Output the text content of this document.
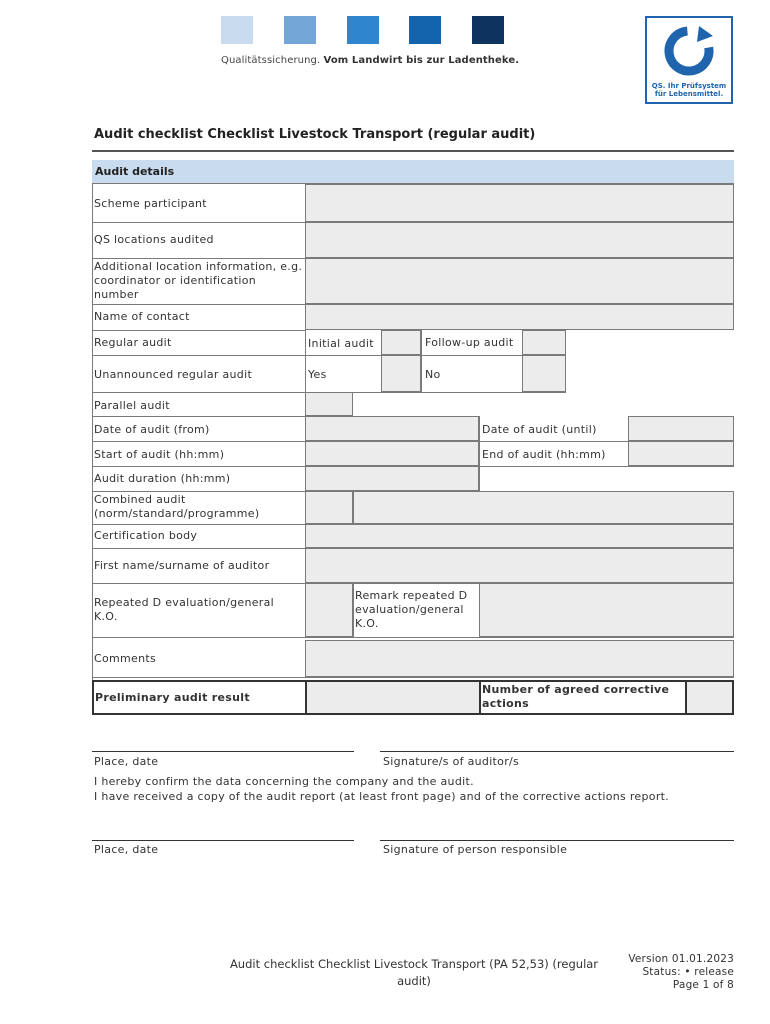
Qualitätssicherung. Vom Landwirt bis zur Ladentheke.
QS. Ihr Prüfsystem
für Lebensmittel.
Audit checklist Checklist Livestock Transport (regular audit)
Audit details
Scheme participant
QS locations audited
Additional location information, e.g. coordinator or identification number
Name of contact
Regular audit	Initial audit	Follow-up audit
Unannounced regular audit	Yes	No
Parallel audit
Date of audit (from)	Date of audit (until)
Start of audit (hh:mm)	End of audit (hh:mm)
Audit duration (hh:mm)
Combined audit (norm/standard/programme)
Certification body
First name/surname of auditor
Repeated D evaluation/general K.O.
Remark repeated D evaluation/general K.O.
Comments
Preliminary audit result
Number of agreed corrective actions
Place, date	Signature/s of auditor/s
I hereby confirm the data concerning the company and the audit.
I have received a copy of the audit report (at least front page) and of the corrective actions report.
Place, date	Signature of person responsible
Audit checklist Checklist Livestock Transport (PA 52,53) (regular audit)
Version 01.01.2023
Status: • release
Page 1 of 8
